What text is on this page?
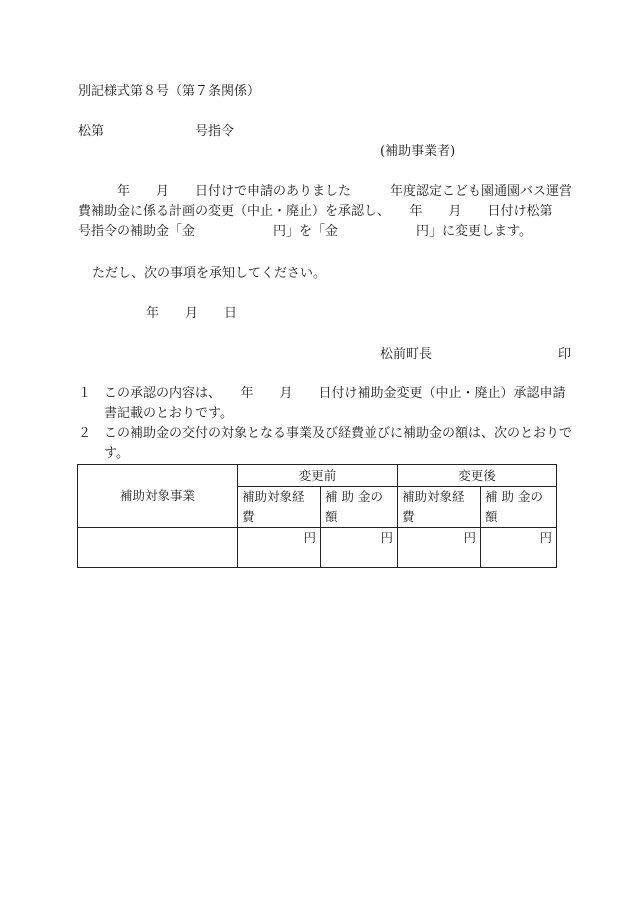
別記様式第８号（第７条関係）
松第　　　　　　　号指令
(補助事業者)
　　　年　　月　　日付けで申請のありました　　　年度認定こども園通園バス運営費補助金に係る計画の変更（中止・廃止）を承認し、　　年　　月　　日付け松第　　号指令の補助金「金　　　　　　円」を「金　　　　　　円」に変更します。
ただし、次の事項を承知してください。
年　　月　　日
松前町長	印
１ この承認の内容は、　　年　　月　　日付け補助金変更（中止・廃止）承認申請書記載のとおりです。
２ この補助金の交付の対象となる事業及び経費並びに補助金の額は、次のとおりです。
補助対象事業	変更前		変更後	
	補助対象経費	補 助 金の額	補助対象経費	補 助 金の額
	円	円	円	円
